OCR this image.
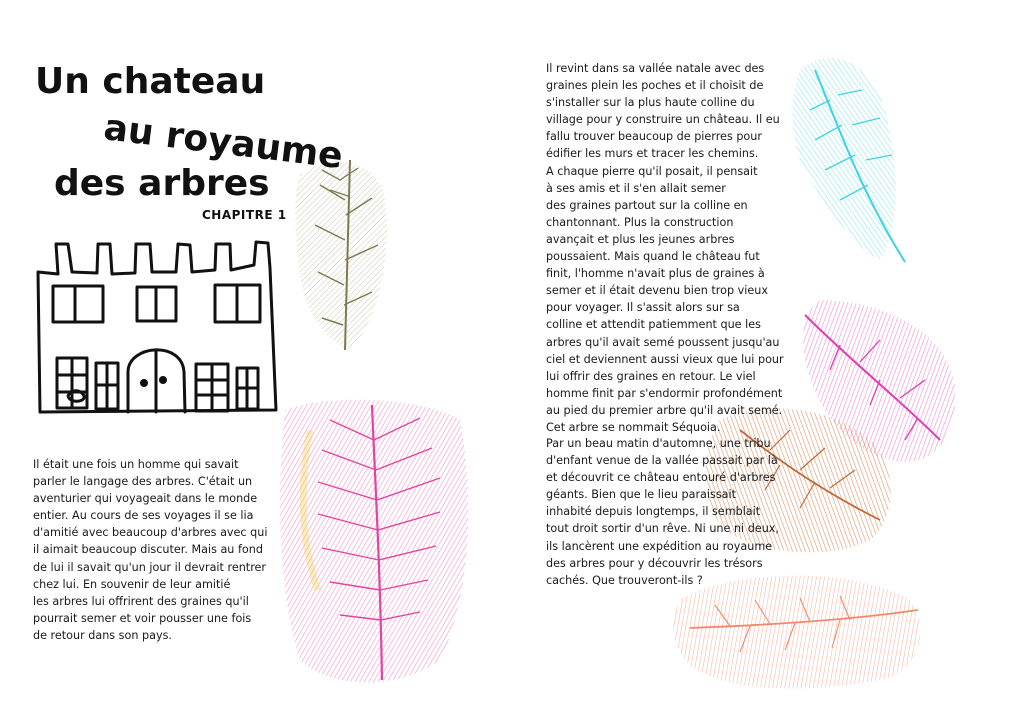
Un chateau
au royaume
des arbres

CHAPITRE 1

Il était une fois un homme qui savait
parler le langage des arbres. C'était un
aventurier qui voyageait dans le monde
entier. Au cours de ses voyages il se lia
d'amitié avec beaucoup d'arbres avec qui
il aimait beaucoup discuter. Mais au fond
de lui il savait qu'un jour il devrait rentrer
chez lui. En souvenir de leur amitié
les arbres lui offrirent des graines qu'il
pourrait semer et voir pousser une fois
de retour dans son pays.

Il revint dans sa vallée natale avec des
graines plein les poches et il choisit de
s'installer sur la plus haute colline du
village pour y construire un château. Il eu
fallu trouver beaucoup de pierres pour
édifier les murs et tracer les chemins.
A chaque pierre qu'il posait, il pensait
à ses amis et il s'en allait semer
des graines partout sur la colline en
chantonnant. Plus la construction
avançait et plus les jeunes arbres
poussaient. Mais quand le château fut
finit, l'homme n'avait plus de graines à
semer et il était devenu bien trop vieux
pour voyager. Il s'assit alors sur sa
colline et attendit patiemment que les
arbres qu'il avait semé poussent jusqu'au
ciel et deviennent aussi vieux que lui pour
lui offrir des graines en retour. Le viel
homme finit par s'endormir profondément
au pied du premier arbre qu'il avait semé.
Cet arbre se nommait Séquoia.

Par un beau matin d'automne, une tribu
d'enfant venue de la vallée passait par là
et découvrit ce château entouré d'arbres
géants. Bien que le lieu paraissait
inhabité depuis longtemps, il semblait
tout droit sortir d'un rêve. Ni une ni deux,
ils lancèrent une expédition au royaume
des arbres pour y découvrir les trésors
cachés. Que trouveront-ils ?
